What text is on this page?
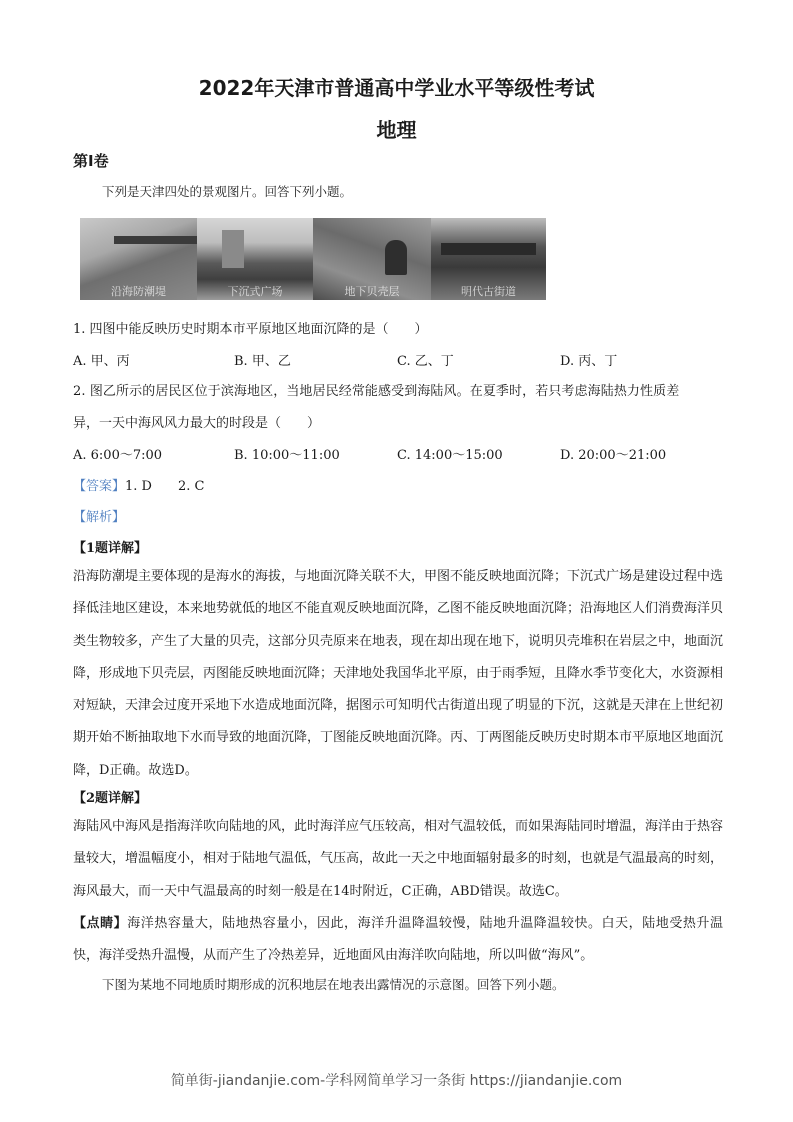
2022年天津市普通高中学业水平等级性考试
地理
第Ⅰ卷
下列是天津四处的景观图片。回答下列小题。
沿海防潮堤	下沉式广场	地下贝壳层	明代古街道
1. 四图中能反映历史时期本市平原地区地面沉降的是（　　）
A. 甲、丙	B. 甲、乙	C. 乙、丁	D. 丙、丁
2. 图乙所示的居民区位于滨海地区，当地居民经常能感受到海陆风。在夏季时，若只考虑海陆热力性质差
异，一天中海风风力最大的时段是（　　）
A. 6:00～7:00	B. 10:00～11:00	C. 14:00～15:00	D. 20:00～21:00
【答案】1. D　　2. C
【解析】
【1题详解】
沿海防潮堤主要体现的是海水的海拔，与地面沉降关联不大，甲图不能反映地面沉降；下沉式广场是建设过程中选择低洼地区建设，本来地势就低的地区不能直观反映地面沉降，乙图不能反映地面沉降；沿海地区人们消费海洋贝类生物较多，产生了大量的贝壳，这部分贝壳原来在地表，现在却出现在地下，说明贝壳堆积在岩层之中，地面沉降，形成地下贝壳层，丙图能反映地面沉降；天津地处我国华北平原，由于雨季短，且降水季节变化大，水资源相对短缺，天津会过度开采地下水造成地面沉降，据图示可知明代古街道出现了明显的下沉，这就是天津在上世纪初期开始不断抽取地下水而导致的地面沉降，丁图能反映地面沉降。丙、丁两图能反映历史时期本市平原地区地面沉降，D正确。故选D。
【2题详解】
海陆风中海风是指海洋吹向陆地的风，此时海洋应气压较高，相对气温较低，而如果海陆同时增温，海洋由于热容量较大，增温幅度小，相对于陆地气温低，气压高，故此一天之中地面辐射最多的时刻，也就是气温最高的时刻，海风最大，而一天中气温最高的时刻一般是在14时附近，C正确，ABD错误。故选C。
【点睛】海洋热容量大，陆地热容量小，因此，海洋升温降温较慢，陆地升温降温较快。白天，陆地受热升温快，海洋受热升温慢，从而产生了冷热差异，近地面风由海洋吹向陆地，所以叫做“海风”。
下图为某地不同地质时期形成的沉积地层在地表出露情况的示意图。回答下列小题。
简单街-jiandanjie.com-学科网简单学习一条街 https://jiandanjie.com
